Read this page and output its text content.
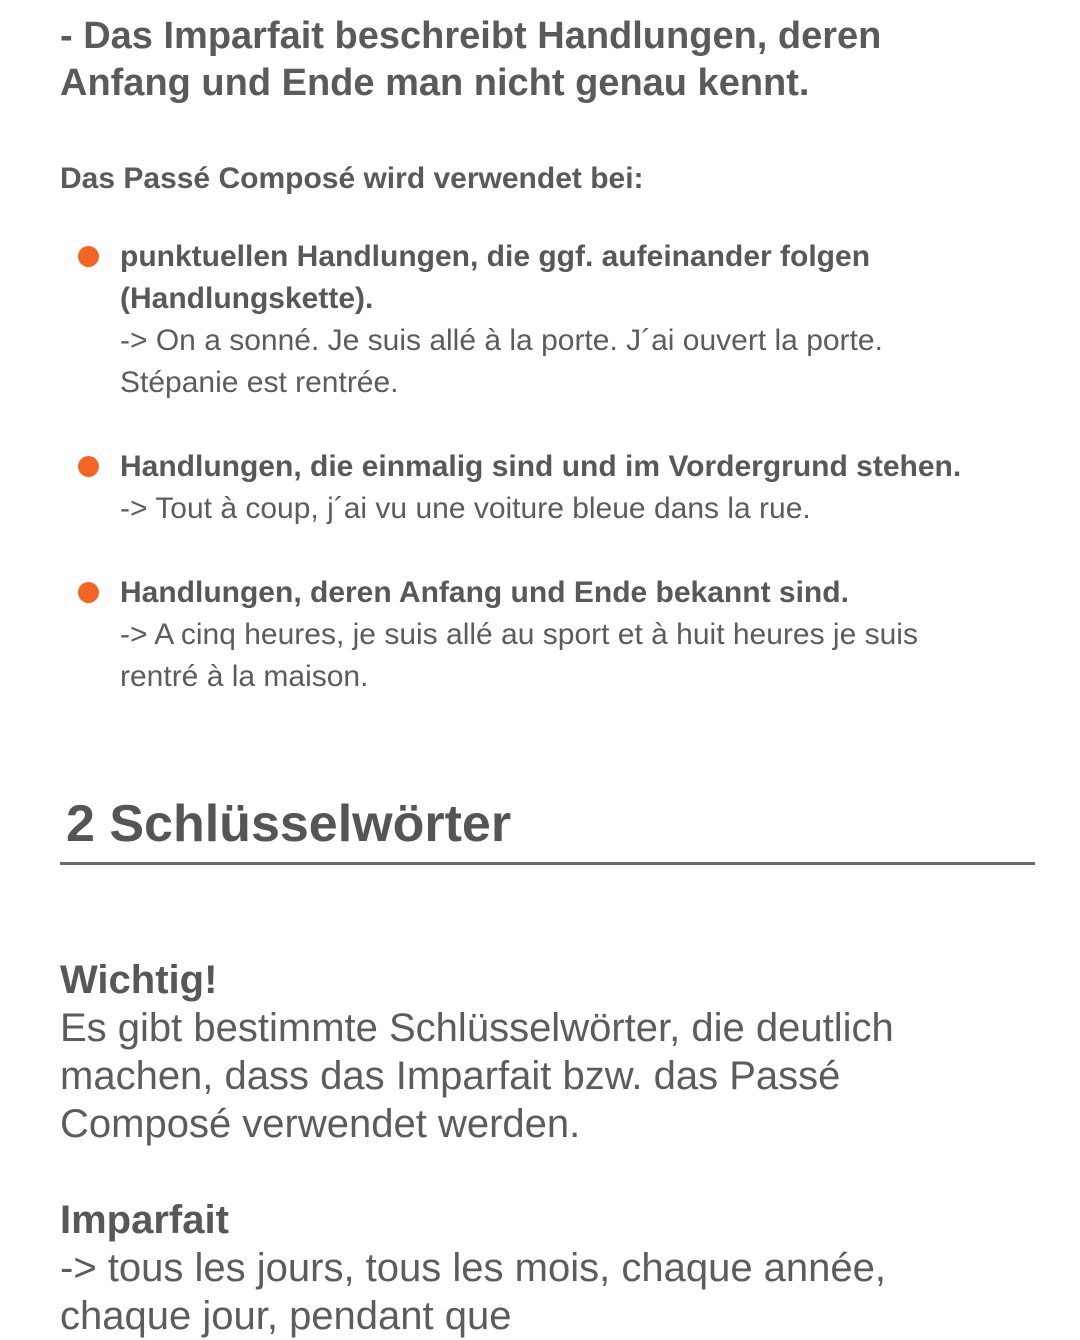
- Das Imparfait beschreibt Handlungen, deren
Anfang und Ende man nicht genau kennt.
Das Passé Composé wird verwendet bei:
punktuellen Handlungen, die ggf. aufeinander folgen
(Handlungskette).
-> On a sonné. Je suis allé à la porte. J´ai ouvert la porte.
Stépanie est rentrée.
Handlungen, die einmalig sind und im Vordergrund stehen.
-> Tout à coup, j´ai vu une voiture bleue dans la rue.
Handlungen, deren Anfang und Ende bekannt sind.
-> A cinq heures, je suis allé au sport et à huit heures je suis
rentré à la maison.
2 Schlüsselwörter
Wichtig!
Es gibt bestimmte Schlüsselwörter, die deutlich
machen, dass das Imparfait bzw. das Passé
Composé verwendet werden.
Imparfait
-> tous les jours, tous les mois, chaque année,
chaque jour, pendant que
